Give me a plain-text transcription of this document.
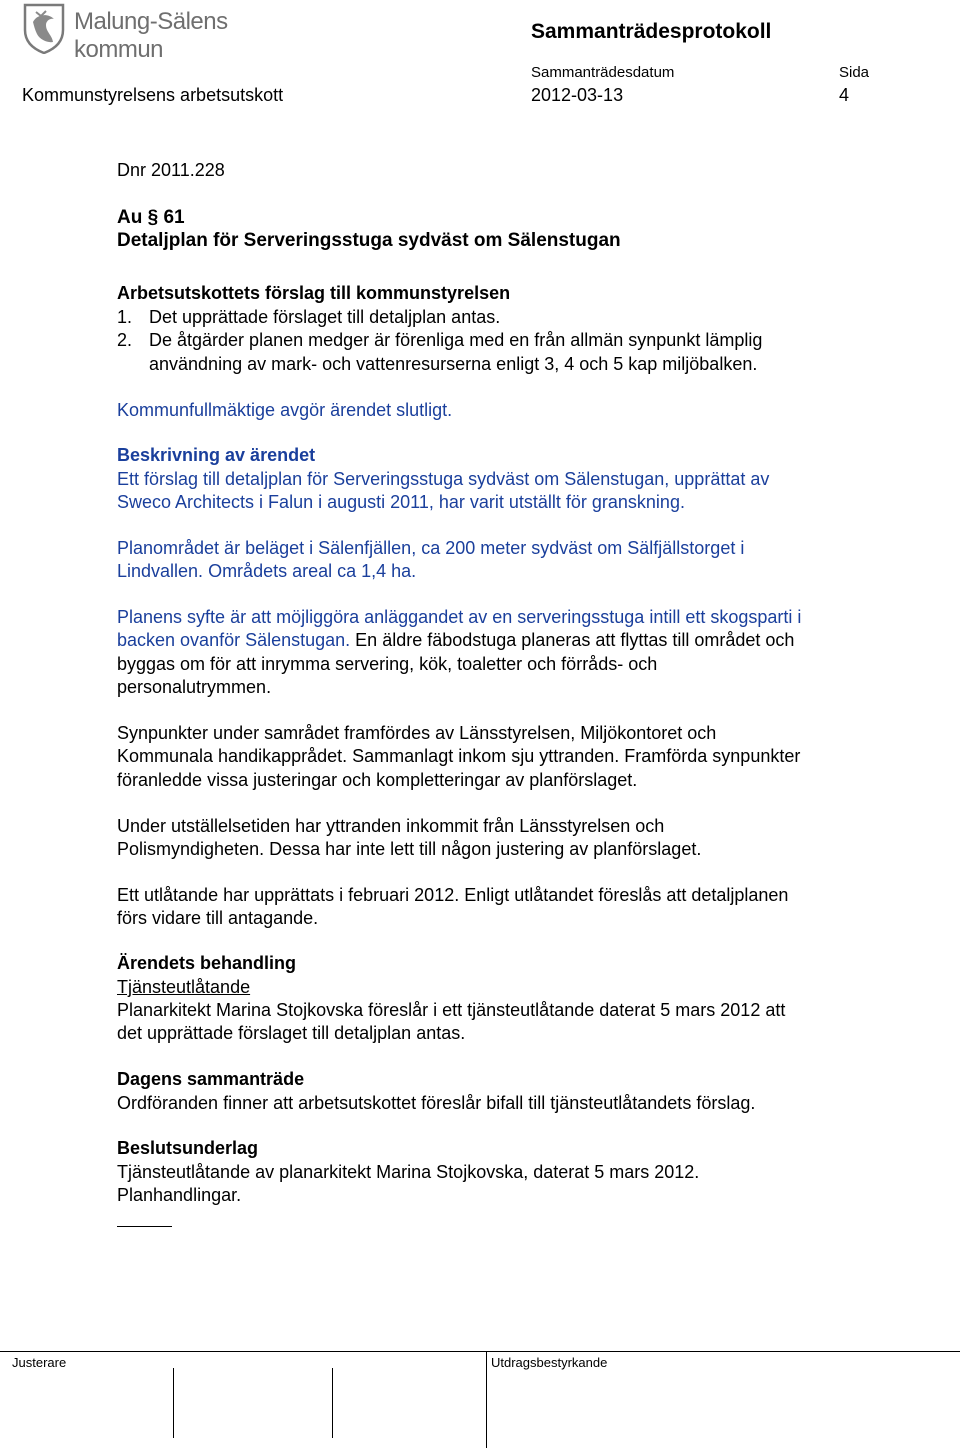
Malung-Sälens kommun
Sammanträdesprotokoll
Sammanträdesdatum	Sida
Kommunstyrelsens arbetsutskott	2012-03-13	4
Dnr 2011.228
Au § 61
Detaljplan för Serveringsstuga sydväst om Sälenstugan
Arbetsutskottets förslag till kommunstyrelsen
1. Det upprättade förslaget till detaljplan antas.
2. De åtgärder planen medger är förenliga med en från allmän synpunkt lämplig
användning av mark- och vattenresurserna enligt 3, 4 och 5 kap miljöbalken.
Kommunfullmäktige avgör ärendet slutligt.
Beskrivning av ärendet
Ett förslag till detaljplan för Serveringsstuga sydväst om Sälenstugan, upprättat av
Sweco Architects i Falun i augusti 2011, har varit utställt för granskning.
Planområdet är beläget i Sälenfjällen, ca 200 meter sydväst om Sälfjällstorget i
Lindvallen. Områdets areal ca 1,4 ha.
Planens syfte är att möjliggöra anläggandet av en serveringsstuga intill ett skogsparti i
backen ovanför Sälenstugan. En äldre fäbodstuga planeras att flyttas till området och
byggas om för att inrymma servering, kök, toaletter och förråds- och
personalutrymmen.
Synpunkter under samrådet framfördes av Länsstyrelsen, Miljökontoret och
Kommunala handikapprådet. Sammanlagt inkom sju yttranden. Framförda synpunkter
föranledde vissa justeringar och kompletteringar av planförslaget.
Under utställelsetiden har yttranden inkommit från Länsstyrelsen och
Polismyndigheten. Dessa har inte lett till någon justering av planförslaget.
Ett utlåtande har upprättats i februari 2012. Enligt utlåtandet föreslås att detaljplanen
förs vidare till antagande.
Ärendets behandling
Tjänsteutlåtande
Planarkitekt Marina Stojkovska föreslår i ett tjänsteutlåtande daterat 5 mars 2012 att
det upprättade förslaget till detaljplan antas.
Dagens sammanträde
Ordföranden finner att arbetsutskottet föreslår bifall till tjänsteutlåtandets förslag.
Beslutsunderlag
Tjänsteutlåtande av planarkitekt Marina Stojkovska, daterat 5 mars 2012.
Planhandlingar.
Justerare	Utdragsbestyrkande
